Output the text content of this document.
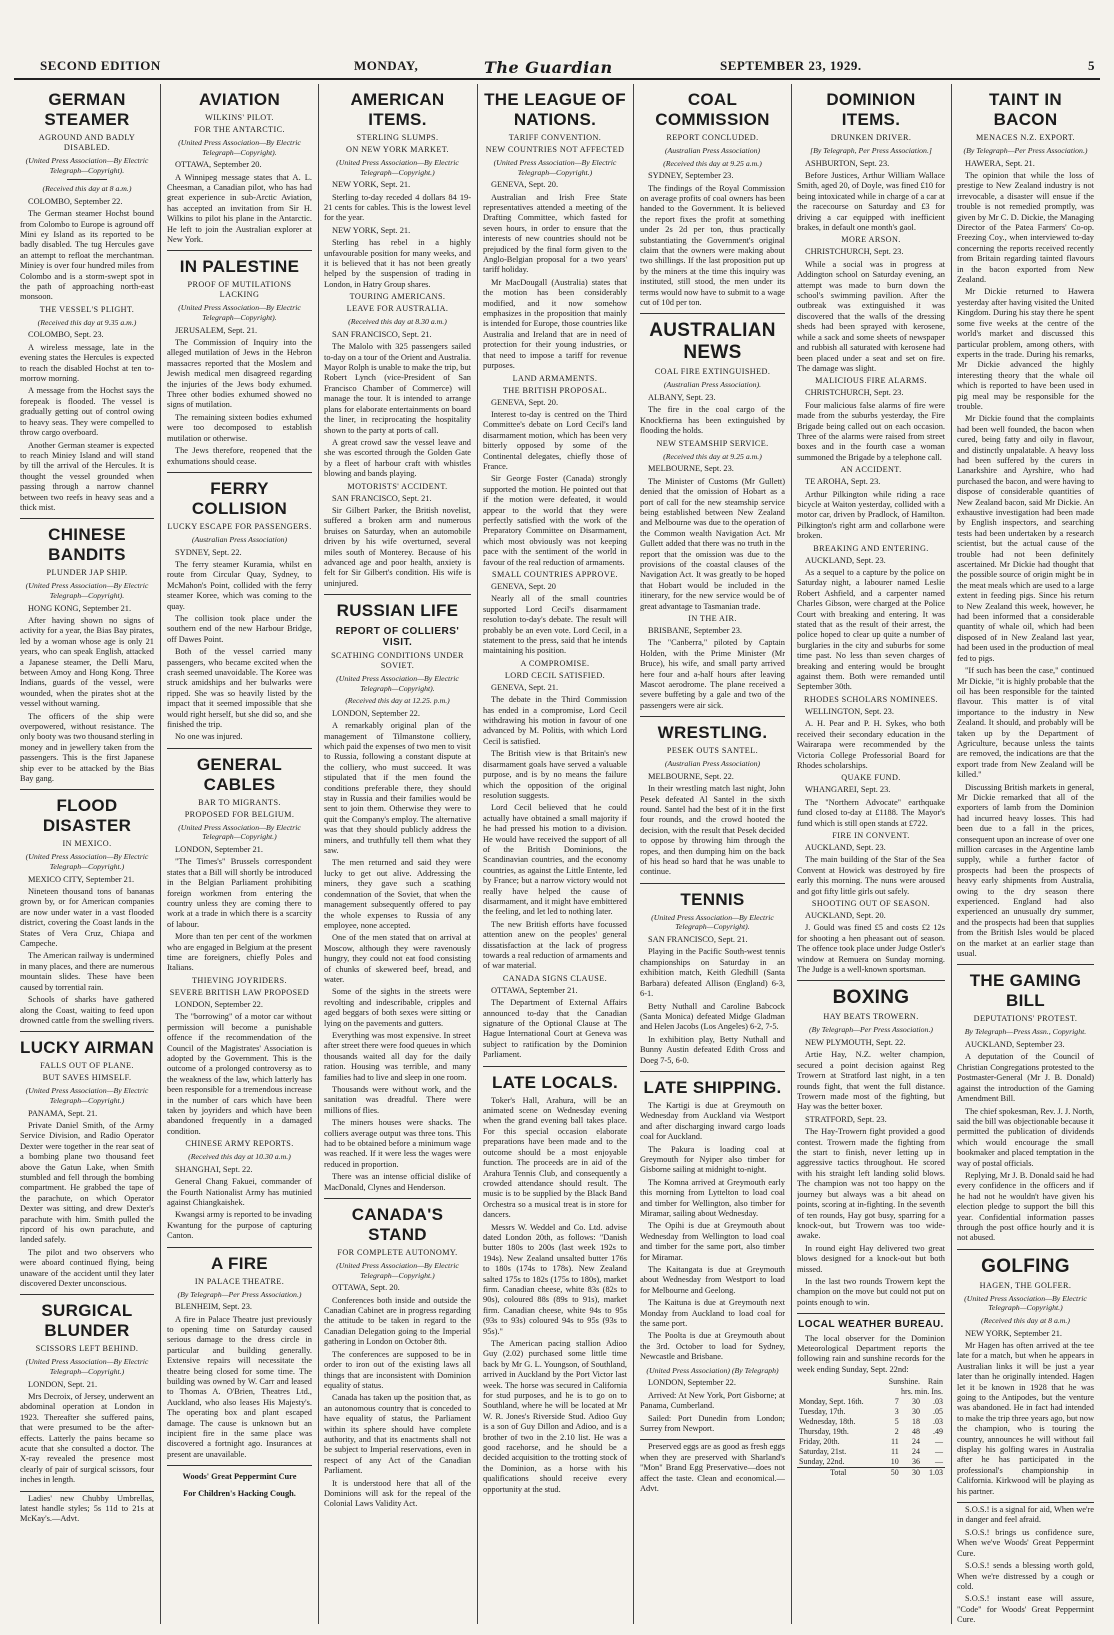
SECOND EDITION	MONDAY,	The Guardian	SEPTEMBER 23, 1929.	5
GERMAN STEAMER
AGROUND AND BADLY DISABLED.
(United Press Association—By Electric Telegraph—Copyright).
(Received this day at 8 a.m.)

COLOMBO, September 22.

The German steamer Hochst bound from Colombo to Europe is aground off Mini ey Island as its reported to be badly disabled. The tug Hercules gave an attempt to refloat the merchantman. Miniey is over four hundred miles from Colombo and is a storm-swept spot in the path of approaching north-east monsoon.

THE VESSEL'S PLIGHT.
(Received this day at 9.35 a.m.)

COLOMBO, Sept. 23.

A wireless message, late in the evening states the Hercules is expected to reach the disabled Hochst at ten to-morrow morning.

A message from the Hochst says the forepeak is flooded. The vessel is gradually getting out of control owing to heavy seas. They were compelled to throw cargo overboard.

Another German steamer is expected to reach Miniey Island and will stand by till the arrival of the Hercules. It is thought the vessel grounded when passing through a narrow channel between two reefs in heavy seas and a thick mist.

CHINESE BANDITS
PLUNDER JAP SHIP.
(United Press Association—By Electric Telegraph—Copyright).

HONG KONG, September 21.

After having shown no signs of activity for a year, the Bias Bay pirates, led by a woman whose age is only 21 years, who can speak English, attacked a Japanese steamer, the Delli Maru, between Amoy and Hong Kong. Three Indians, guards of the vessel, were wounded, when the pirates shot at the vessel without warning.

The officers of the ship were overpowered, without resistance. The only booty was two thousand sterling in money and in jewellery taken from the passengers. This is the first Japanese ship ever to be attacked by the Bias Bay gang.

FLOOD DISASTER
IN MEXICO.
(United Press Association—By Electric Telegraph—Copyright.)

MEXICO CITY, September 21.

Nineteen thousand tons of bananas grown by, or for American companies are now under water in a vast flooded district, covering the Coast lands in the States of Vera Cruz, Chiapa and Campeche.

The American railway is undermined in many places, and there are numerous mountain slides. These have been caused by torrential rain.

Schools of sharks have gathered along the Coast, waiting to feed upon drowned cattle from the swelling rivers.

LUCKY AIRMAN
FALLS OUT OF PLANE.
BUT SAVES HIMSELF.
(United Press Association—By Electric Telegraph—Copyright.)

PANAMA, Sept. 21.

Private Daniel Smith, of the Army Service Division, and Radio Operator Dexter were together in the rear seat of a bombing plane two thousand feet above the Gatun Lake, when Smith stumbled and fell through the bombing compartment. He grabbed the tape of the parachute, on which Operator Dexter was sitting, and drew Dexter's parachute with him. Smith pulled the ripcord of his own parachute, and landed safely.

The pilot and two observers who were aboard continued flying, being unaware of the accident until they later discovered Dexter unconscious.

SURGICAL BLUNDER
SCISSORS LEFT BEHIND.
(United Press Association—By Electric Telegraph—Copyright.)

LONDON, Sept. 21.

Mrs Decroix, of Jersey, underwent an abdominal operation at London in 1923. Thereafter she suffered pains, that were presumed to be the after-effects. Latterly the pains became so acute that she consulted a doctor. The X-ray revealed the presence most clearly of pair of surgical scissors, four inches in length.

Ladies' new Chubby Umbrellas, latest handle styles; 5s 11d to 21s at McKay's.—Advt.

AVIATION
WILKINS' PILOT.
FOR THE ANTARCTIC.
(United Press Association—By Electric Telegraph—Copyright).

OTTAWA, September 20.

A Winnipeg message states that A. L. Cheesman, a Canadian pilot, who has had great experience in sub-Arctic Aviation, has accepted an invitation from Sir H. Wilkins to pilot his plane in the Antarctic. He left to join the Australian explorer at New York.

IN PALESTINE
PROOF OF MUTILATIONS LACKING
(United Press Association—By Electric Telegraph—Copyright).

JERUSALEM, Sept. 21.

The Commission of Inquiry into the alleged mutilation of Jews in the Hebron massacres reported that the Moslem and Jewish medical men disagreed regarding the injuries of the Jews body exhumed. Three other bodies exhumed showed no signs of mutilation.

The remaining sixteen bodies exhumed were too decomposed to establish mutilation or otherwise.

The Jews therefore, reopened that the exhumations should cease.

FERRY COLLISION
LUCKY ESCAPE FOR PASSENGERS.
(Australian Press Association)

SYDNEY, Sept. 22.

The ferry steamer Kuramia, whilst en route from Circular Quay, Sydney, to McMahon's Point, collided with the ferry steamer Koree, which was coming to the quay.

The collision took place under the southern end of the new Harbour Bridge, off Dawes Point.

Both of the vessel carried many passengers, who became excited when the crash seemed unavoidable. The Koree was struck amidships and her bulwarks were ripped. She was so heavily listed by the impact that it seemed impossible that she would right herself, but she did so, and she finished the trip.

No one was injured.

GENERAL CABLES
BAR TO MIGRANTS.
PROPOSED FOR BELGIUM.
(United Press Association—By Electric Telegraph—Copyright.)

LONDON, September 21.

"The Times's" Brussels correspondent states that a Bill will shortly be introduced in the Belgian Parliament prohibiting foreign workmen from entering the country unless they are coming there to work at a trade in which there is a scarcity of labour.

More than ten per cent of the workmen who are engaged in Belgium at the present time are foreigners, chiefly Poles and Italians.

THIEVING JOYRIDERS.
SEVERE BRITISH LAW PROPOSED

LONDON, September 22.

The "borrowing" of a motor car without permission will become a punishable offence if the recommendation of the Council of the Magistrates' Association is adopted by the Government. This is the outcome of a prolonged controversy as to the weakness of the law, which latterly has been responsible for a tremendous increase in the number of cars which have been taken by joyriders and which have been abandoned frequently in a damaged condition.

CHINESE ARMY REPORTS.
(Received this day at 10.30 a.m.)

SHANGHAI, Sept. 22.

General Chang Fakuei, commander of the Fourth Nationalist Army has mutinied against Chiangkaishek.

Kwangsi army is reported to be invading Kwantung for the purpose of capturing Canton.

A FIRE
IN PALACE THEATRE.
(By Telegraph—Per Press Association.)

BLENHEIM, Sept. 23.

A fire in Palace Theatre just previously to opening time on Saturday caused serious damage to the dress circle in particular and building generally. Extensive repairs will necessitate the theatre being closed for some time. The building was owned by W. Carr and leased to Thomas A. O'Brien, Theatres Ltd., Auckland, who also leases His Majesty's. The operating box and plant escaped damage. The cause is unknown but an incipient fire in the same place was discovered a fortnight ago. Insurances at present are unavailable.

Woods' Great Peppermint Cure
For Children's Hacking Cough.
AMERICAN ITEMS.
STERLING SLUMPS.
ON NEW YORK MARKET.
(United Press Association—By Electric Telegraph—Copyright.)

NEW YORK, Sept. 21.

Sterling to-day receded 4 dollars 84 19-21 cents for cables. This is the lowest level for the year.

NEW YORK, Sept. 21.

Sterling has rebel in a highly unfavourable position for many weeks, and it is believed that it has not been greatly helped by the suspension of trading in London, in Hatry Group shares.

TOURING AMERICANS.
LEAVE FOR AUSTRALIA.
(Received this day at 8.30 a.m.)

SAN FRANCISCO, Sept. 21.

The Malolo with 325 passengers sailed to-day on a tour of the Orient and Australia. Mayor Rolph is unable to make the trip, but Robert Lynch (vice-President of San Francisco Chamber of Commerce) will manage the tour. It is intended to arrange plans for elaborate entertainments on board the liner, in reciprocating the hospitality shown to the party at ports of call.

A great crowd saw the vessel leave and she was escorted through the Golden Gate by a fleet of harbour craft with whistles blowing and bands playing.

MOTORISTS' ACCIDENT.

SAN FRANCISCO, Sept. 21.

Sir Gilbert Parker, the British novelist, suffered a broken arm and numerous bruises on Saturday, when an automobile driven by his wife overturned, several miles south of Monterey. Because of his advanced age and poor health, anxiety is felt for Sir Gilbert's condition. His wife is uninjured.

RUSSIAN LIFE
REPORT OF COLLIERS' VISIT.
SCATHING CONDITIONS UNDER SOVIET.
(United Press Association—By Electric Telegraph—Copyright).
(Received this day at 12.25. p.m.)

LONDON, September 22.

A remarkably original plan of the management of Tilmanstone colliery, which paid the expenses of two men to visit to Russia, following a constant dispute at the colliery, who must succeed. It was stipulated that if the men found the conditions preferable there, they should stay in Russia and their families would be sent to join them. Otherwise they were to quit the Company's employ. The alternative was that they should publicly address the miners, and truthfully tell them what they saw.

The men returned and said they were lucky to get out alive. Addressing the miners, they gave such a scathing condemnation of the Soviet, that when the management subsequently offered to pay the whole expenses to Russia of any employee, none accepted.

One of the men stated that on arrival at Moscow, although they were ravenously hungry, they could not eat food consisting of chunks of skewered beef, bread, and water.

Some of the sights in the streets were revolting and indescribable, cripples and aged beggars of both sexes were sitting or lying on the pavements and gutters.

Everything was most expensive. In street after street there were food queues in which thousands waited all day for the daily ration. Housing was terrible, and many families had to live and sleep in one room.

Thousands were without work, and the sanitation was dreadful. There were millions of flies.

The miners houses were shacks. The colliers average output was three tons. This had to be obtained before a minimum wage was reached. If it were less the wages were reduced in proportion.

There was an intense official dislike of MacDonald, Clynes and Henderson.

CANADA'S STAND
FOR COMPLETE AUTONOMY.
(United Press Association—By Electric Telegraph—Copyright.)

OTTAWA, Sept. 20.

Conferences both inside and outside the Canadian Cabinet are in progress regarding the attitude to be taken in regard to the Canadian Delegation going to the Imperial gathering in London on October 8th.

The conferences are supposed to be in order to iron out of the existing laws all things that are inconsistent with Dominion equality of status.

Canada has taken up the position that, as an autonomous country that is conceded to have equality of status, the Parliament within its sphere should have complete authority, and that its enactments shall not be subject to Imperial reservations, even in respect of any Act of the Canadian Parliament.

It is understood here that all of the Dominions will ask for the repeal of the Colonial Laws Validity Act.

THE LEAGUE OF NATIONS.
TARIFF CONVENTION.
NEW COUNTRIES NOT AFFECTED
(United Press Association—By Electric Telegraph—Copyright.)

GENEVA, Sept. 20.

Australian and Irish Free State representatives attended a meeting of the Drafting Committee, which fasted for seven hours, in order to ensure that the interests of new countries should not be prejudiced by the final form given to the Anglo-Belgian proposal for a two years' tariff holiday.

Mr MacDougall (Australia) states that the motion has been considerably modified, and it now somehow emphasizes in the proposition that mainly is intended for Europe, those countries like Australia and Ireland that are in need of protection for their young industries, or that need to impose a tariff for revenue purposes.

LAND ARMAMENTS.
THE BRITISH PROPOSAL.

GENEVA, Sept. 20.

Interest to-day is centred on the Third Committee's debate on Lord Cecil's land disarmament motion, which has been very bitterly opposed by some of the Continental delegates, chiefly those of France.

Sir George Foster (Canada) strongly supported the motion. He pointed out that if the motion were defeated, it would appear to the world that they were perfectly satisfied with the work of the Preparatory Committee on Disarmament, which most obviously was not keeping pace with the sentiment of the world in favour of the real reduction of armaments.

SMALL COUNTRIES APPROVE.

GENEVA, Sept. 20

Nearly all of the small countries supported Lord Cecil's disarmament resolution to-day's debate. The result will probably be an even vote. Lord Cecil, in a statement to the press, said that he intends maintaining his position.

A COMPROMISE.
LORD CECIL SATISFIED.

GENEVA, Sept. 21.

The debate in the Third Commission has ended in a compromise, Lord Cecil withdrawing his motion in favour of one advanced by M. Politis, with which Lord Cecil is satisfied.

The British view is that Britain's new disarmament goals have served a valuable purpose, and is by no means the failure which the opposition of the original resolution suggests.

Lord Cecil believed that he could actually have obtained a small majority if he had pressed his motion to a division. He would have received the support of all of the British Dominions, the Scandinavian countries, and the economy countries, as against the Little Entente, led by France; but a narrow victory would not really have helped the cause of disarmament, and it might have embittered the feeling, and let led to nothing later.

The new British efforts have focussed attention anew on the peoples' general dissatisfaction at the lack of progress towards a real reduction of armaments and of war material.

CANADA SIGNS CLAUSE.

OTTAWA, September 21.

The Department of External Affairs announced to-day that the Canadian signature of the Optional Clause at The Hague International Court at Geneva was subject to ratification by the Dominion Parliament.

LATE LOCALS.

Toker's Hall, Arahura, will be an animated scene on Wednesday evening when the grand evening ball takes place. For this special occasion elaborate preparations have been made and to the outcome should be a most enjoyable function. The proceeds are in aid of the Arahura Tennis Club, and consequently a crowded attendance should result. The music is to be supplied by the Black Band Orchestra so a musical treat is in store for dancers.

Messrs W. Weddel and Co. Ltd. advise dated London 20th, as follows: "Danish butter 180s to 200s (last week 192s to 194s). New Zealand unsalted butter 176s to 180s (174s to 178s). New Zealand salted 175s to 182s (175s to 180s), market firm. Canadian cheese, white 83s (82s to 90s), coloured 88s (89s to 91s), market firm. Canadian cheese, white 94s to 95s (93s to 93s) coloured 94s to 95s (93s to 95s)."

The American pacing stallion Adioo Guy (2.02) purchased some little time back by Mr G. L. Youngson, of Southland, arrived in Auckland by the Port Victor last week. The horse was secured in California for stud purposes, and he is to go on to Southland, where he will be located at Mr W. R. Jones's Riverside Stud. Adioo Guy is a son of Guy Dillon and Adioo, and is a brother of two in the 2.10 list. He was a good racehorse, and he should be a decided acquisition to the trotting stock of the Dominion, as a horse with his qualifications should receive every opportunity at the stud.

COAL COMMISSION
REPORT CONCLUDED.
(Australian Press Association)
(Received this day at 9.25 a.m.)

SYDNEY, September 23.

The findings of the Royal Commission on average profits of coal owners has been handed to the Government. It is believed the report fixes the profit at something under 2s 2d per ton, thus practically substantiating the Government's original claim that the owners were making about two shillings. If the last proposition put up by the miners at the time this inquiry was instituted, still stood, the men under its terms would now have to submit to a wage cut of 10d per ton.

AUSTRALIAN NEWS
COAL FIRE EXTINGUISHED.
(Australian Press Association).

ALBANY, Sept. 23.

The fire in the coal cargo of the Knockfierna has been extinguished by flooding the holds.

NEW STEAMSHIP SERVICE.
(Received this day at 9.25 a.m.)

MELBOURNE, Sept. 23.

The Minister of Customs (Mr Gullett) denied that the omission of Hobart as a port of call for the new steamship service being established between New Zealand and Melbourne was due to the operation of the Common wealth Navigation Act. Mr Gullett added that there was no truth in the report that the omission was due to the provisions of the coastal clauses of the Navigation Act. It was greatly to be hoped that Hobart would be included in the itinerary, for the new service would be of great advantage to Tasmanian trade.

IN THE AIR.

BRISBANE, September 23.

The "Canberra," piloted by Captain Holden, with the Prime Minister (Mr Bruce), his wife, and small party arrived here four and a-half hours after leaving Mascot aerodrome. The plane received a severe buffeting by a gale and two of the passengers were air sick.

WRESTLING.
PESEK OUTS SANTEL.
(Australian Press Association)

MELBOURNE, Sept. 22.

In their wrestling match last night, John Pesek defeated Al Santel in the sixth round. Santel had the best of it in the first four rounds, and the crowd hooted the decision, with the result that Pesek decided to oppose by throwing him through the ropes, and then dumping him on the back of his head so hard that he was unable to continue.

TENNIS
(United Press Association—By Electric Telegraph—Copyright).

SAN FRANCISCO, Sept. 21.

Playing in the Pacific South-west tennis championships on Saturday in an exhibition match, Keith Gledhill (Santa Barbara) defeated Allison (England) 6-3, 6-1.

Betty Nuthall and Caroline Babcock (Santa Monica) defeated Midge Gladman and Helen Jacobs (Los Angeles) 6-2, 7-5.

In exhibition play, Betty Nuthall and Bunny Austin defeated Edith Cross and Doeg 7-5, 6-0.

LATE SHIPPING.

The Kartigi is due at Greymouth on Wednesday from Auckland via Westport and after discharging inward cargo loads coal for Auckland.

The Pakura is loading coal at Greymouth for Nyiper also timber for Gisborne sailing at midnight to-night.

The Komna arrived at Greymouth early this morning from Lyttelton to load coal and timber for Wellington, also timber for Miramar, sailing about Wednesday.

The Opihi is due at Greymouth about Wednesday from Wellington to load coal and timber for the same port, also timber for Miramar.

The Kaitangata is due at Greymouth about Wednesday from Westport to load for Melbourne and Geelong.

The Kaituna is due at Greymouth next Monday from Auckland to load coal for the same port.

The Poolta is due at Greymouth about the 3rd. October to load for Sydney, Newcastle and Brisbane.

(United Press Association) (By Telegraph)

LONDON, September 22.

Arrived: At New York, Port Gisborne; at Panama, Cumberland.

Sailed: Port Dunedin from London; Surrey from Newport.

Preserved eggs are as good as fresh eggs when they are preserved with Sharland's "Mon" Brand Egg Preservative—does not affect the taste. Clean and economical.—Advt.

DOMINION ITEMS.
DRUNKEN DRIVER.
[By Telegraph, Per Press Association.]

ASHBURTON, Sept. 23.

Before Justices, Arthur William Wallace Smith, aged 20, of Doyle, was fined £10 for being intoxicated while in charge of a car at the racecourse on Saturday and £3 for driving a car equipped with inefficient brakes, in default one month's gaol.

MORE ARSON.

CHRISTCHURCH, Sept. 23.

While a social was in progress at Addington school on Saturday evening, an attempt was made to burn down the school's swimming pavilion. After the outbreak was extinguished it was discovered that the walls of the dressing sheds had been sprayed with kerosene, while a sack and some sheets of newspaper and rubbish all saturated with kerosene had been placed under a seat and set on fire. The damage was slight.

MALICIOUS FIRE ALARMS.

CHRISTCHURCH, Sept. 23.

Four malicious false alarms of fire were made from the suburbs yesterday, the Fire Brigade being called out on each occasion. Three of the alarms were raised from street boxes and in the fourth case a woman summoned the Brigade by a telephone call.

AN ACCIDENT.

TE AROHA, Sept. 23.

Arthur Pilkington while riding a race bicycle at Waiton yesterday, collided with a motor car, driven by Pradlock, of Hamilton. Pilkington's right arm and collarbone were broken.

BREAKING AND ENTERING.

AUCKLAND, Sept. 23.

As a sequel to a capture by the police on Saturday night, a labourer named Leslie Robert Ashfield, and a carpenter named Charles Gibson, were charged at the Police Court with breaking and entering. It was stated that as the result of their arrest, the police hoped to clear up quite a number of burglaries in the city and suburbs for some time past. No less than seven charges of breaking and entering would be brought against them. Both were remanded until September 30th.

RHODES SCHOLARS NOMINEES.

WELLINGTON, Sept. 23.

A. H. Pear and P. H. Sykes, who both received their secondary education in the Wairarapa were recommended by the Victoria College Professorial Board for Rhodes scholarships.

QUAKE FUND.

WHANGAREI, Sept. 23.

The "Northern Advocate" earthquake fund closed to-day at £1188. The Mayor's fund which is still open stands at £722.

FIRE IN CONVENT.

AUCKLAND, Sept. 23.

The main building of the Star of the Sea Convent at Howick was destroyed by fire early this morning. The nuns were aroused and got fifty little girls out safely.

SHOOTING OUT OF SEASON.

AUCKLAND, Sept. 20.

J. Gould was fined £5 and costs £2 12s for shooting a hen pheasant out of season. The offence took place under Judge Ostler's window at Remuera on Sunday morning. The Judge is a well-known sportsman.

BOXING
HAY BEATS TROWERN.
(By Telegraph—Per Press Association.)

NEW PLYMOUTH, Sept. 22.

Artie Hay, N.Z. welter champion, secured a point decision against Reg Trowern at Stratford last night, in a ten rounds fight, that went the full distance. Trowern made most of the fighting, but Hay was the better boxer.

STRATFORD, Sept. 23.

The Hay-Trowern fight provided a good contest. Trowern made the fighting from the start to finish, never letting up in aggressive tactics throughout. He scored with his straight left landing solid blows. The champion was not too happy on the journey but always was a bit ahead on points, scoring at in-fighting. In the seventh of ten rounds, Hay got busy, sparring for a knock-out, but Trowern was too wide-awake.

In round eight Hay delivered two great blows designed for a knock-out but both missed.

In the last two rounds Trowern kept the champion on the move but could not put on points enough to win.

LOCAL WEATHER BUREAU.

The local observer for the Dominion Meteorological Department reports the following rain and sunshine records for the week ending Sunday, Sept. 22nd:

	Sunshine.		Rain
	hrs. min. Ins.		
Monday, Sept. 16th.	7	30	.03
Tuesday, 17th.	3	30	.05
Wednesday, 18th.	5	18	.03
Thursday, 19th.	2	48	.49
Friday, 20th.	11	24	—
Saturday, 21st.	11	24	—
Sunday, 22nd.	10	36	—
Total	50	30	1.03
TAINT IN BACON
MENACES N.Z. EXPORT.
(By Telegraph—Per Press Association.)

HAWERA, Sept. 21.

The opinion that while the loss of prestige to New Zealand industry is not irrevocable, a disaster will ensue if the trouble is not remedied promptly, was given by Mr C. D. Dickie, the Managing Director of the Patea Farmers' Co-op. Freezing Coy., when interviewed to-day concerning the reports received recently from Britain regarding tainted flavours in the bacon exported from New Zealand.

Mr Dickie returned to Hawera yesterday after having visited the United Kingdom. During his stay there he spent some five weeks at the centre of the world's market and discussed this particular problem, among others, with experts in the trade. During his remarks, Mr Dickie advanced the highly interesting theory that the whale oil which is reported to have been used in pig meal may be responsible for the trouble.

Mr Dickie found that the complaints had been well founded, the bacon when cured, being fatty and oily in flavour, and distinctly unpalatable. A heavy loss had been suffered by the curers in Lanarkshire and Ayrshire, who had purchased the bacon, and were having to dispose of considerable quantities of New Zealand bacon, said Mr Dickie. An exhaustive investigation had been made by English inspectors, and searching tests had been undertaken by a research scientist, but the actual cause of the trouble had not been definitely ascertained. Mr Dickie had thought that the possible source of origin might be in the meat meals which are used to a large extent in feeding pigs. Since his return to New Zealand this week, however, he had been informed that a considerable quantity of whale oil, which had been disposed of in New Zealand last year, had been used in the production of meal fed to pigs.

"If such has been the case," continued Mr Dickie, "it is highly probable that the oil has been responsible for the tainted flavour. This matter is of vital importance to the industry in New Zealand. It should, and probably will be taken up by the Department of Agriculture, because unless the taints are removed, the indications are that the export trade from New Zealand will be killed."

Discussing British markets in general, Mr Dickie remarked that all of the exporters of lamb from the Dominion had incurred heavy losses. This had been due to a fall in the prices, consequent upon an increase of over one million carcases in the Argentine lamb supply, while a further factor of prospects had been the prospects of heavy early shipments from Australia, owing to the dry season there experienced. England had also experienced an unusually dry summer, and the prospects had been that supplies from the British Isles would be placed on the market at an earlier stage than usual.

THE GAMING BILL
DEPUTATIONS' PROTEST.
By Telegraph—Press Assn., Copyright.

AUCKLAND, September 23.

A deputation of the Council of Christian Congregations protested to the Postmaster-General (Mr J. B. Donald) against the introduction of the Gaming Amendment Bill.

The chief spokesman, Rev. J. J. North, said the bill was objectionable because it permitted the publication of dividends which would encourage the small bookmaker and placed temptation in the way of postal officials.

Replying, Mr J. B. Donald said he had every confidence in the officers and if he had not he wouldn't have given his election pledge to support the bill this year. Confidential information passes through the post office hourly and it is not abused.

GOLFING
HAGEN, THE GOLFER.
(United Press Association—By Electric Telegraph—Copyright.)
(Received this day at 8 a.m.)

NEW YORK, September 21.

Mr Hagen has often arrived at the tee late for a match, but when he appears in Australian links it will be just a year later than he originally intended. Hagen let it be known in 1928 that he was going to the Antipodes, but the venture was abandoned. He in fact had intended to make the trip three years ago, but now the champion, who is touring the country, announces he will without fail display his golfing wares in Australia after he has participated in the professional's championship in California. Kirkwood will be playing as his partner.

S.O.S.! is a signal for aid, When we're in danger and feel afraid.

S.O.S.! brings us confidence sure, When we've Woods' Great Peppermint Cure.

S.O.S.! sends a blessing worth gold, When we're distressed by a cough or cold.

S.O.S.! instant ease will assure, "Code" for Woods' Great Peppermint Cure.
